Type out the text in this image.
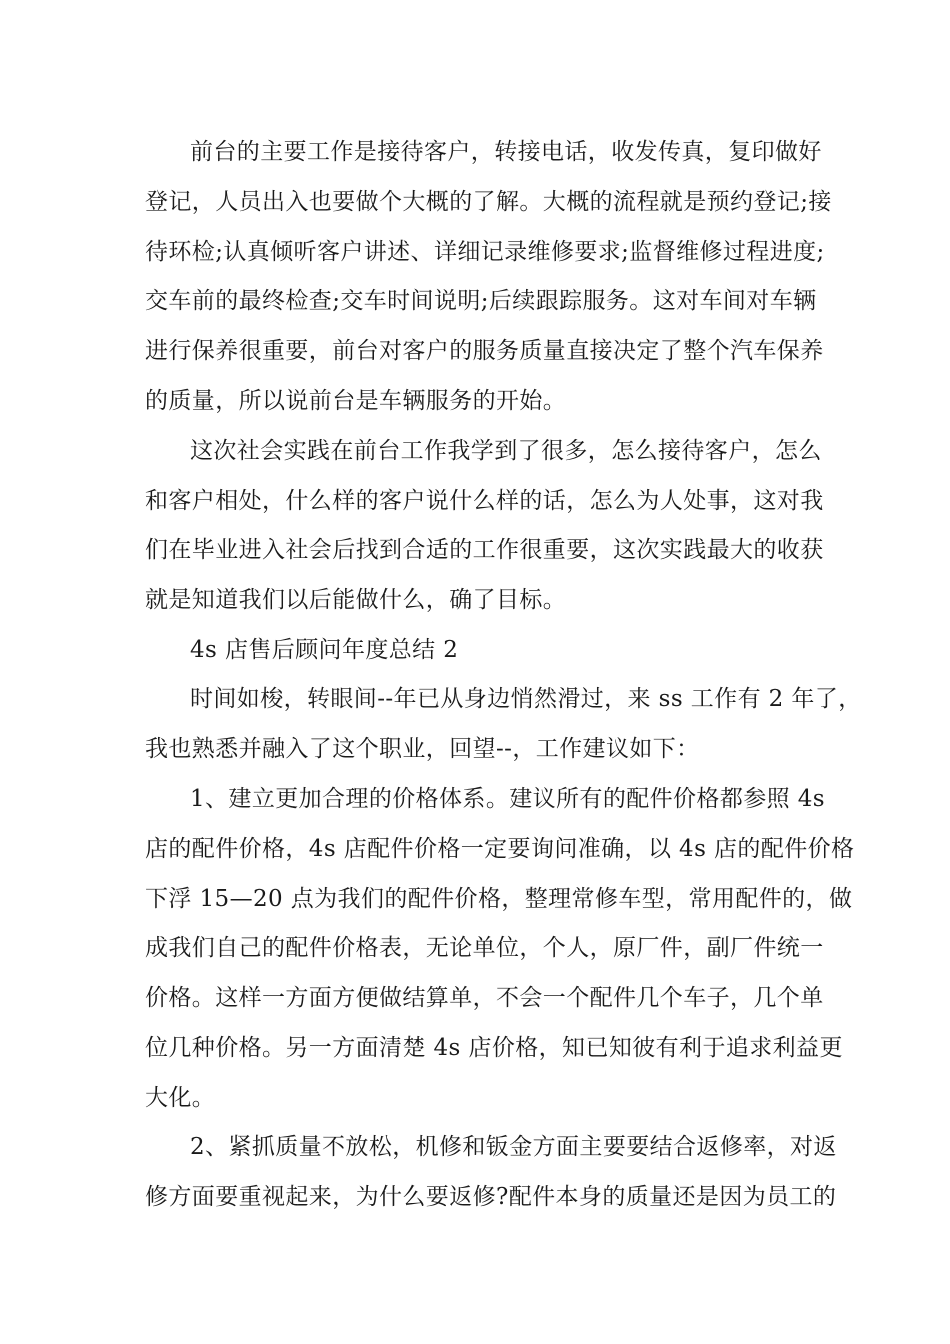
前台的主要工作是接待客户，转接电话，收发传真，复印做好
登记，人员出入也要做个大概的了解。大概的流程就是预约登记;接
待环检;认真倾听客户讲述、详细记录维修要求;监督维修过程进度;
交车前的最终检查;交车时间说明;后续跟踪服务。这对车间对车辆
进行保养很重要，前台对客户的服务质量直接决定了整个汽车保养
的质量，所以说前台是车辆服务的开始。
这次社会实践在前台工作我学到了很多，怎么接待客户，怎么
和客户相处，什么样的客户说什么样的话，怎么为人处事，这对我
们在毕业进入社会后找到合适的工作很重要，这次实践最大的收获
就是知道我们以后能做什么，确了目标。
4s 店售后顾问年度总结 2
时间如梭，转眼间--年已从身边悄然滑过，来 ss 工作有 2 年了，
我也熟悉并融入了这个职业，回望--，工作建议如下：
1、建立更加合理的价格体系。建议所有的配件价格都参照 4s
店的配件价格，4s 店配件价格一定要询问准确，以 4s 店的配件价格
下浮 15—20 点为我们的配件价格，整理常修车型，常用配件的，做
成我们自己的配件价格表，无论单位，个人，原厂件，副厂件统一
价格。这样一方面方便做结算单，不会一个配件几个车子，几个单
位几种价格。另一方面清楚 4s 店价格，知已知彼有利于追求利益更
大化。
2、紧抓质量不放松，机修和钣金方面主要要结合返修率，对返
修方面要重视起来，为什么要返修?配件本身的质量还是因为员工的
